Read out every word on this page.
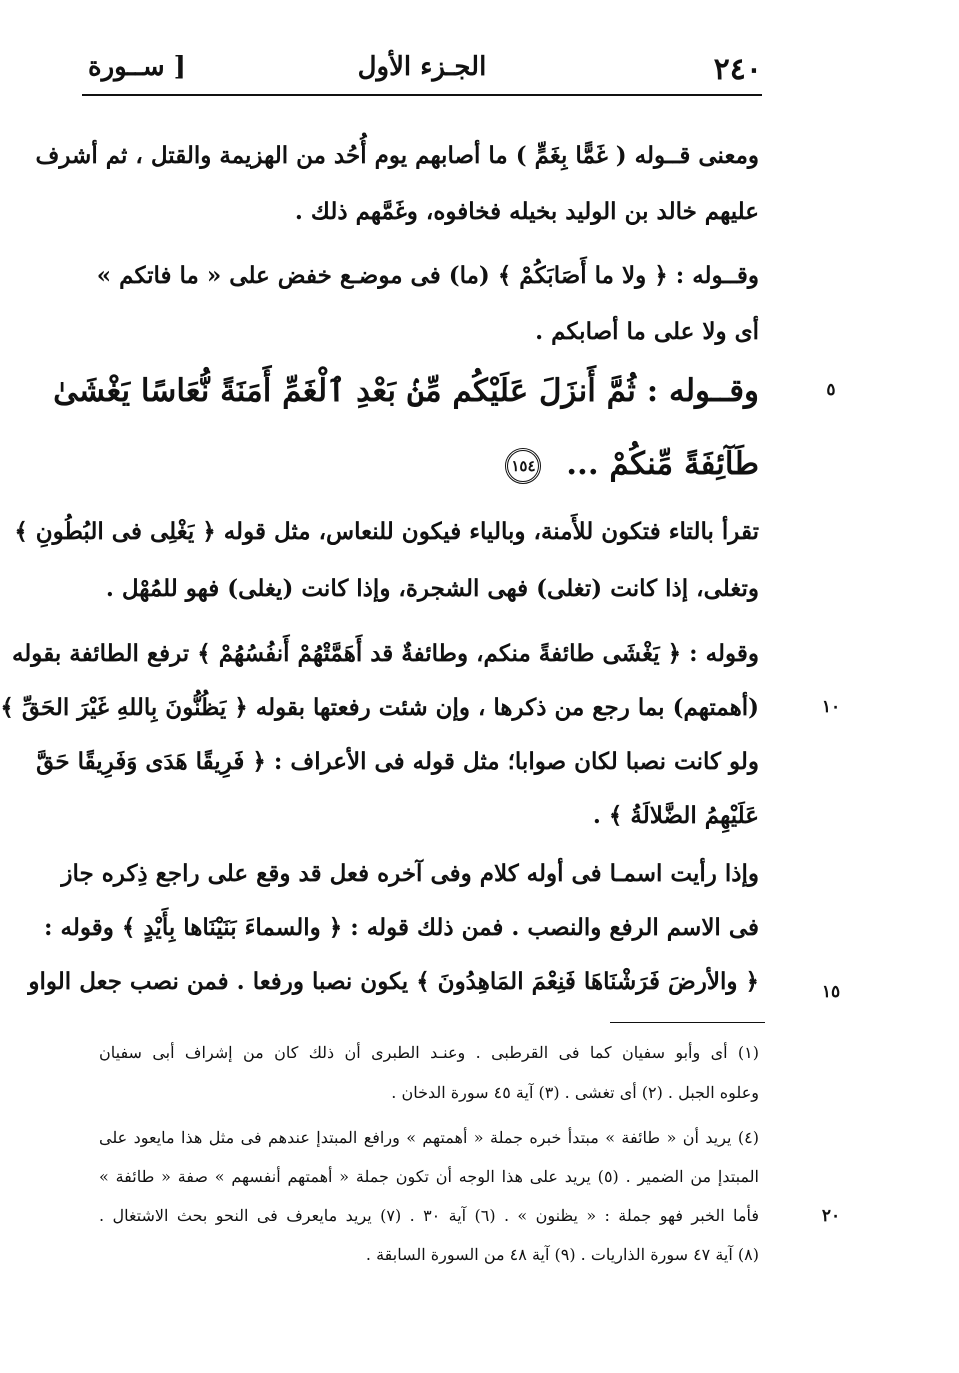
٢٤٠
الجـزء الأول
[ ســورة
ومعنى قــوله ( غَمًّا بِغَمٍّ ) ما أصابهم يوم أُحُد من الهزيمة والقتل ، ثم أشرف
عليهم خالد بن الوليد بخيله فخافوه، وغَمَّهم ذلك .
وقــوله : ﴿ ولا ما أَصَابَكُمْ ﴾ (ما) فى موضـع خفض على « ما فاتكم »
أى ولا على ما أصابكم .
وقــوله : ثُمَّ أَنزَلَ عَلَيْكُم مِّنۢ بَعْدِ ٱلْغَمِّ أَمَنَةً نُّعَاسًا يَغْشَىٰ
طَآئِفَةً مِّنكُمْ ... ١٥٤
تقرأ بالتاء فتكون للأَمنة، وبالياء فيكون للنعاس، مثل قوله ﴿ يَغْلِى فى البُطُونِ ﴾
وتغلى، إذا كانت (تغلى) فهى الشجرة، وإذا كانت (يغلى) فهو للمُهْل .
وقوله : ﴿ يَغْشَى طائفةً منكم، وطائفةٌ قد أَهَمَّتْهُمْ أَنفُسُهُمْ ﴾ ترفع الطائفة بقوله
(أهمتهم) بما رجع من ذكرها ، وإن شئت رفعتها بقوله ﴿ يَظُنُّونَ بِاللهِ غَيْرَ الحَقِّ ﴾
ولو كانت نصبا لكان صوابا؛ مثل قوله فى الأعراف : ﴿ فَرِيقًا هَدَى وَفَرِيقًا حَقَّ
عَلَيْهِمُ الضَّلالَةُ ﴾ .
وإذا رأيت اسمـا فى أوله كلام وفى آخره فعل قد وقع على راجع ذِكره جاز
فى الاسم الرفع والنصب . فمن ذلك قوله : ﴿ والسماءَ بَنَيْنَاها بِأَيْدٍ ﴾ وقوله :
﴿ والأرضَ فَرَشْنَاهَا فَنِعْمَ المَاهِدُونَ ﴾ يكون نصبا ورفعا . فمن نصب جعل الواو
٥
١٠
١٥
٢٠
(١) أى وأبو سفيان كما فى القرطبى . وعنـد الطبرى أن ذلك كان من إشراف أبى سفيان
وعلوه الجبل . (٢) أى تغشى . (٣) آية ٤٥ سورة الدخان .
(٤) يريد أن « طائفة » مبتدأ خبره جملة « أهمتهم » ورافع المبتدإ عندهم فى مثل هذا مايعود على
المبتدإ من الضمير . (٥) يريد على هذا الوجه أن تكون جملة « أهمتهم أنفسهم » صفة « طائفة »
فأما الخبر فهو جملة : « يظنون » . (٦) آية ٣٠ . (٧) يريد مايعرف فى النحو بحث الاشتغال .
(٨) آية ٤٧ سورة الذاريات . (٩) آية ٤٨ من السورة السابقة .
